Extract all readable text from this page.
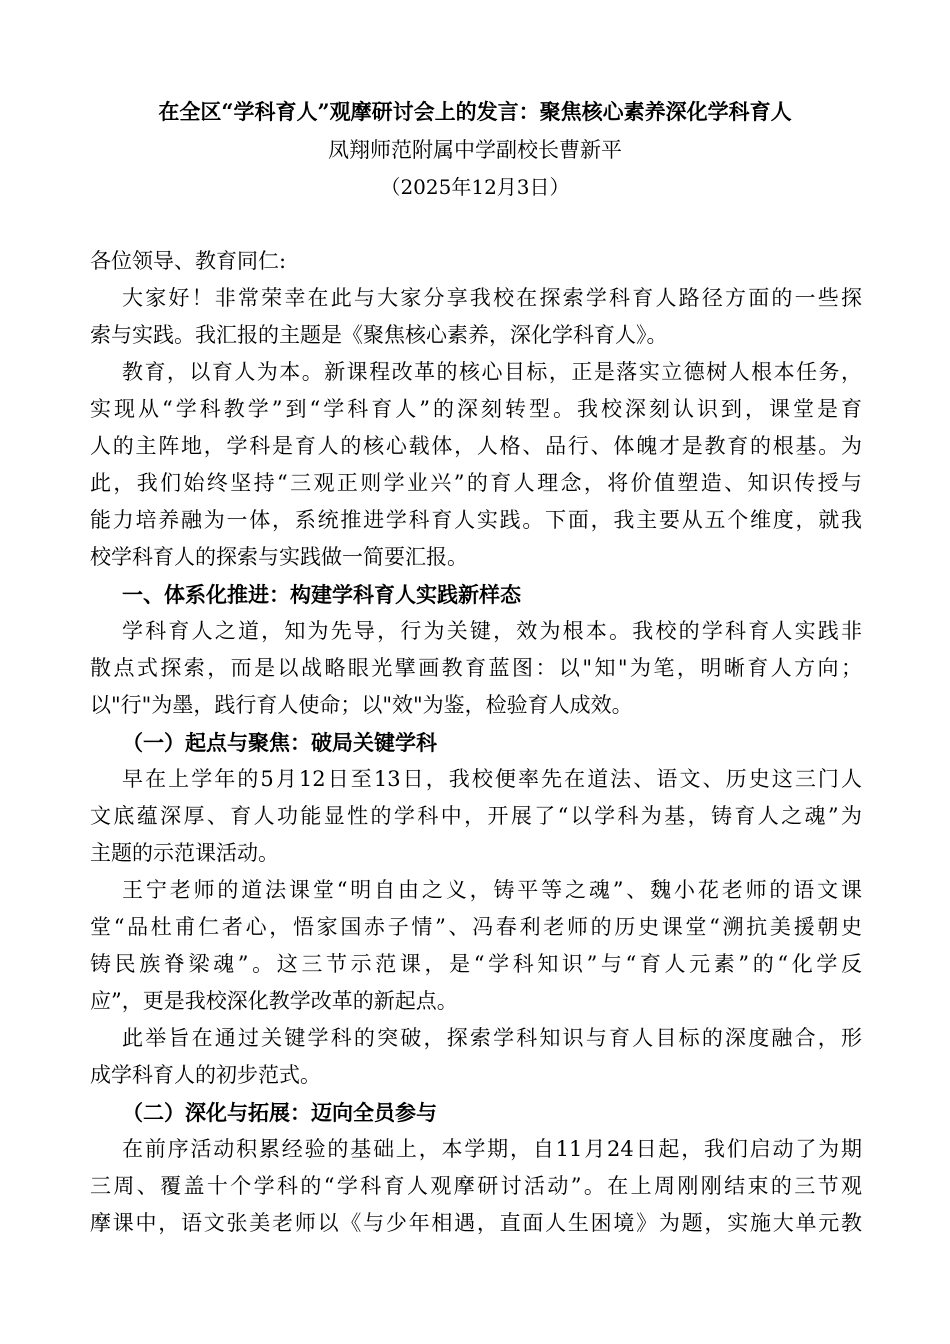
在全区“学科育人”观摩研讨会上的发言：聚焦核心素养深化学科育人
凤翔师范附属中学副校长曹新平
（2025年12月3日）
各位领导、教育同仁:
大家好！非常荣幸在此与大家分享我校在探索学科育人路径方面的一些探
索与实践。我汇报的主题是《聚焦核心素养，深化学科育人》。
教育，以育人为本。新课程改革的核心目标，正是落实立德树人根本任务，
实现从“学科教学”到“学科育人”的深刻转型。我校深刻认识到，课堂是育
人的主阵地，学科是育人的核心载体，人格、品行、体魄才是教育的根基。为
此，我们始终坚持“三观正则学业兴”的育人理念，将价值塑造、知识传授与
能力培养融为一体，系统推进学科育人实践。下面，我主要从五个维度，就我
校学科育人的探索与实践做一简要汇报。
一、体系化推进：构建学科育人实践新样态
学科育人之道，知为先导，行为关键，效为根本。我校的学科育人实践非
散点式探索，而是以战略眼光擘画教育蓝图：以"知"为笔，明晰育人方向；
以"行"为墨，践行育人使命；以"效"为鉴，检验育人成效。
（一）起点与聚焦：破局关键学科
早在上学年的5月12日至13日，我校便率先在道法、语文、历史这三门人
文底蕴深厚、育人功能显性的学科中，开展了“以学科为基，铸育人之魂”为
主题的示范课活动。
王宁老师的道法课堂“明自由之义，铸平等之魂”、魏小花老师的语文课
堂“品杜甫仁者心，悟家国赤子情”、冯春利老师的历史课堂“溯抗美援朝史
铸民族脊梁魂”。这三节示范课，是“学科知识”与“育人元素”的“化学反
应”，更是我校深化教学改革的新起点。
此举旨在通过关键学科的突破，探索学科知识与育人目标的深度融合，形
成学科育人的初步范式。
（二）深化与拓展：迈向全员参与
在前序活动积累经验的基础上，本学期，自11月24日起，我们启动了为期
三周、覆盖十个学科的“学科育人观摩研讨活动”。在上周刚刚结束的三节观
摩课中，语文张美老师以《与少年相遇，直面人生困境》为题，实施大单元教
